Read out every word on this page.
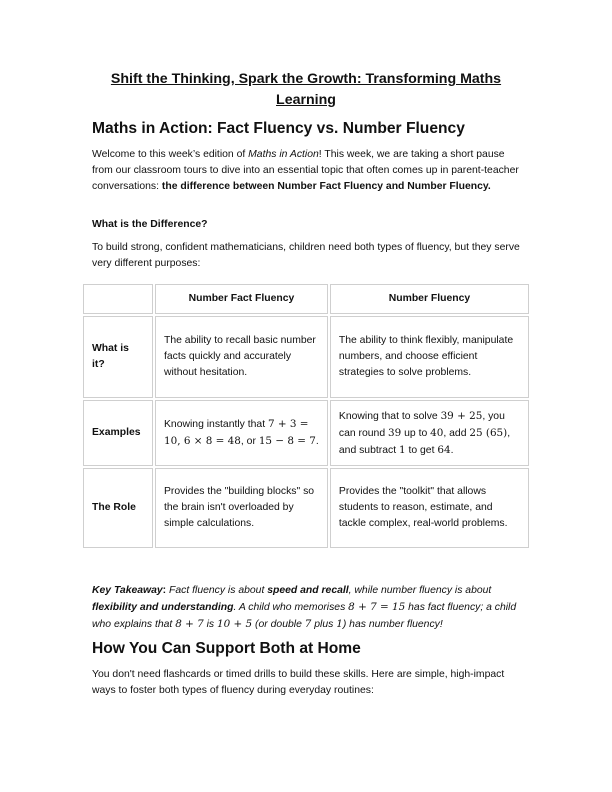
Shift the Thinking, Spark the Growth: Transforming Maths Learning
Maths in Action: Fact Fluency vs. Number Fluency

Welcome to this week’s edition of Maths in Action! This week, we are taking a short pause from our classroom tours to dive into an essential topic that often comes up in parent-teacher conversations: the difference between Number Fact Fluency and Number Fluency.

What is the Difference?

To build strong, confident mathematicians, children need both types of fluency, but they serve very different purposes:

	Number Fact Fluency	Number Fluency
What is it?	The ability to recall basic number facts quickly and accurately without hesitation.	The ability to think flexibly, manipulate numbers, and choose efficient strategies to solve problems.
Examples	Knowing instantly that 7 + 3 = 10, 6 × 8 = 48, or 15 − 8 = 7.	Knowing that to solve 39 + 25, you can round 39 up to 40, add 25 (65), and subtract 1 to get 64.
The Role	Provides the "building blocks" so the brain isn't overloaded by simple calculations.	Provides the "toolkit" that allows students to reason, estimate, and tackle complex, real-world problems.
Key Takeaway: Fact fluency is about speed and recall, while number fluency is about flexibility and understanding. A child who memorises 8 + 7 = 15 has fact fluency; a child who explains that 8 + 7 is 10 + 5 (or double 7 plus 1) has number fluency!
How You Can Support Both at Home

You don't need flashcards or timed drills to build these skills. Here are simple, high-impact ways to foster both types of fluency during everyday routines:
